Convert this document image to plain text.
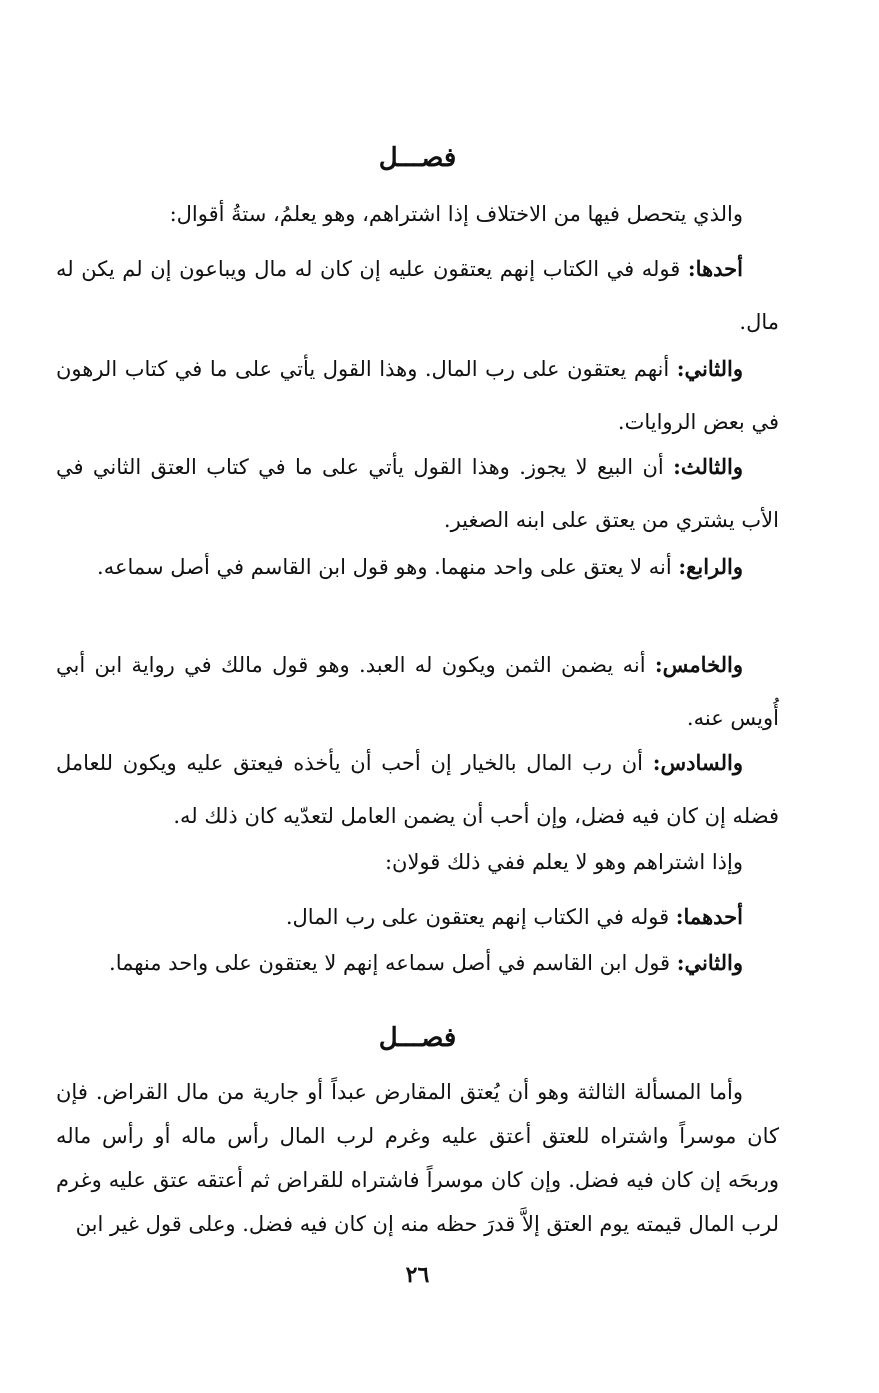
فصـــل
والذي يتحصل فيها من الاختلاف إذا اشتراهم، وهو يعلمُ، ستةُ أقوال:
أحدها: قوله في الكتاب إنهم يعتقون عليه إن كان له مال ويباعون إن لم يكن له مال.
والثاني: أنهم يعتقون على رب المال. وهذا القول يأتي على ما في كتاب الرهون في بعض الروايات.
والثالث: أن البيع لا يجوز. وهذا القول يأتي على ما في كتاب العتق الثاني في الأب يشتري من يعتق على ابنه الصغير.
والرابع: أنه لا يعتق على واحد منهما. وهو قول ابن القاسم في أصل سماعه.
والخامس: أنه يضمن الثمن ويكون له العبد. وهو قول مالك في رواية ابن أبي أُويس عنه.
والسادس: أن رب المال بالخيار إن أحب أن يأخذه فيعتق عليه ويكون للعامل فضله إن كان فيه فضل، وإن أحب أن يضمن العامل لتعدّيه كان ذلك له.
وإذا اشتراهم وهو لا يعلم ففي ذلك قولان:
أحدهما: قوله في الكتاب إنهم يعتقون على رب المال.
والثاني: قول ابن القاسم في أصل سماعه إنهم لا يعتقون على واحد منهما.
فصـــل
وأما المسألة الثالثة وهو أن يُعتق المقارض عبداً أو جارية من مال القراض. فإن كان موسراً واشتراه للعتق أعتق عليه وغرم لرب المال رأس ماله أو رأس ماله وربحَه إن كان فيه فضل. وإن كان موسراً فاشتراه للقراض ثم أعتقه عتق عليه وغرم لرب المال قيمته يوم العتق إلاَّ قدرَ حظه منه إن كان فيه فضل. وعلى قول غير ابن
٢٦
